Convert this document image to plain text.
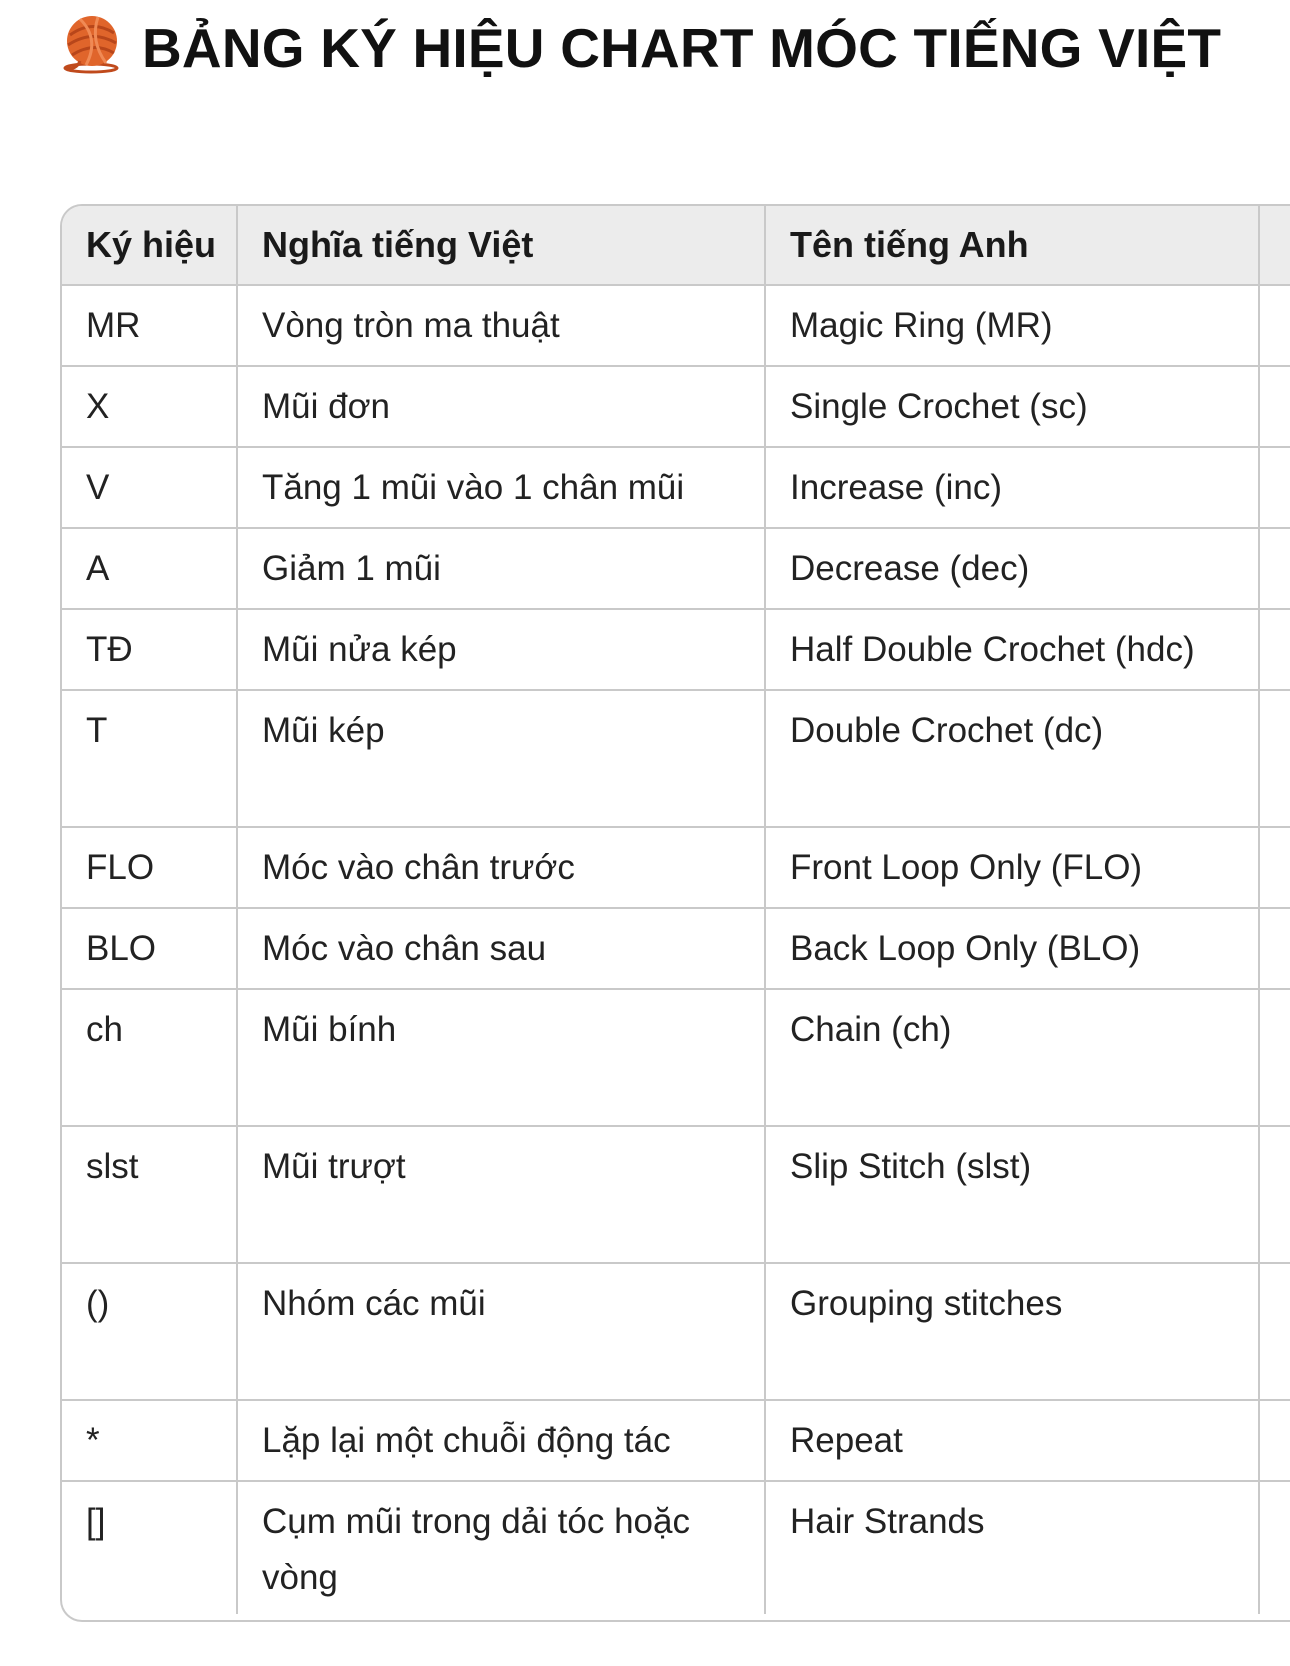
BẢNG KÝ HIỆU CHART MÓC TIẾNG VIỆT
Ký hiệu	Nghĩa tiếng Việt	Tên tiếng Anh	
MR	Vòng tròn ma thuật	Magic Ring (MR)	
X	Mũi đơn	Single Crochet (sc)	
V	Tăng 1 mũi vào 1 chân mũi	Increase (inc)	
A	Giảm 1 mũi	Decrease (dec)	
TĐ	Mũi nửa kép	Half Double Crochet (hdc)	
T	Mũi kép	Double Crochet (dc)	
FLO	Móc vào chân trước	Front Loop Only (FLO)	
BLO	Móc vào chân sau	Back Loop Only (BLO)	
ch	Mũi bính	Chain (ch)	
slst	Mũi trượt	Slip Stitch (slst)	
()	Nhóm các mũi	Grouping stitches	
*	Lặp lại một chuỗi động tác	Repeat	
[]	Cụm mũi trong dải tóc hoặc vòng	Hair Strands	
